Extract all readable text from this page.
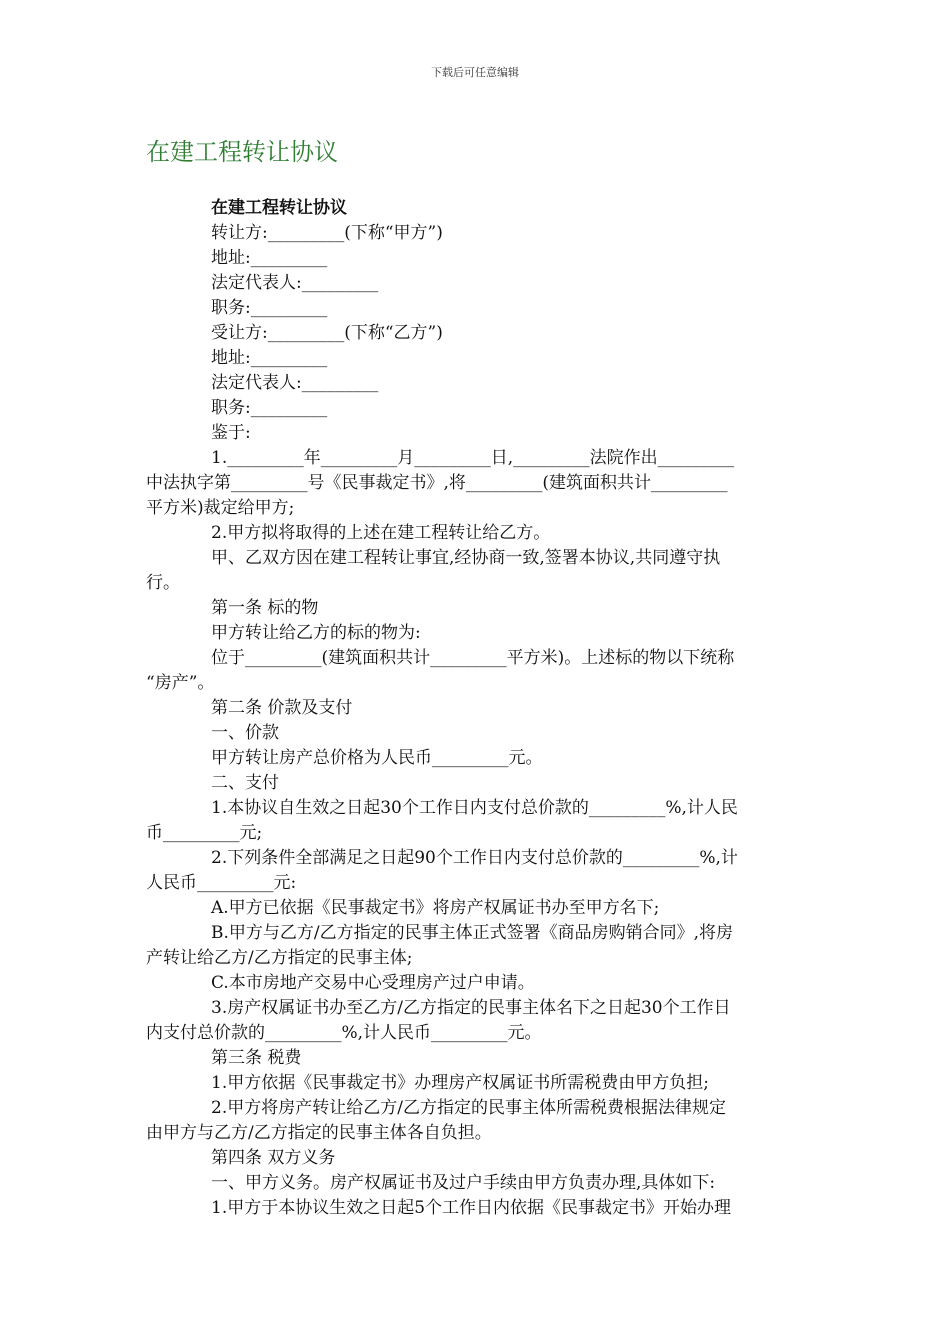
下载后可任意编辑
在建工程转让协议

在建工程转让协议

转让方:_________(下称“甲方”)

地址:_________

法定代表人:_________

职务:_________

受让方:_________(下称“乙方”)

地址:_________

法定代表人:_________

职务:_________

鉴于:

1._________年_________月_________日,_________法院作出_________

中法执字第_________号《民事裁定书》,将_________(建筑面积共计_________

平方米)裁定给甲方;

2.甲方拟将取得的上述在建工程转让给乙方。

甲、乙双方因在建工程转让事宜,经协商一致,签署本协议,共同遵守执

行。

第一条 标的物

甲方转让给乙方的标的物为:

位于_________(建筑面积共计_________平方米)。上述标的物以下统称

“房产”。

第二条 价款及支付

一、价款

甲方转让房产总价格为人民币_________元。

二、支付

1.本协议自生效之日起30个工作日内支付总价款的_________%,计人民

币_________元;

2.下列条件全部满足之日起90个工作日内支付总价款的_________%,计

人民币_________元:

A.甲方已依据《民事裁定书》将房产权属证书办至甲方名下;

B.甲方与乙方/乙方指定的民事主体正式签署《商品房购销合同》,将房

产转让给乙方/乙方指定的民事主体;

C.本市房地产交易中心受理房产过户申请。

3.房产权属证书办至乙方/乙方指定的民事主体名下之日起30个工作日

内支付总价款的_________%,计人民币_________元。

第三条 税费

1.甲方依据《民事裁定书》办理房产权属证书所需税费由甲方负担;

2.甲方将房产转让给乙方/乙方指定的民事主体所需税费根据法律规定

由甲方与乙方/乙方指定的民事主体各自负担。

第四条 双方义务

一、甲方义务。房产权属证书及过户手续由甲方负责办理,具体如下:

1.甲方于本协议生效之日起5个工作日内依据《民事裁定书》开始办理
